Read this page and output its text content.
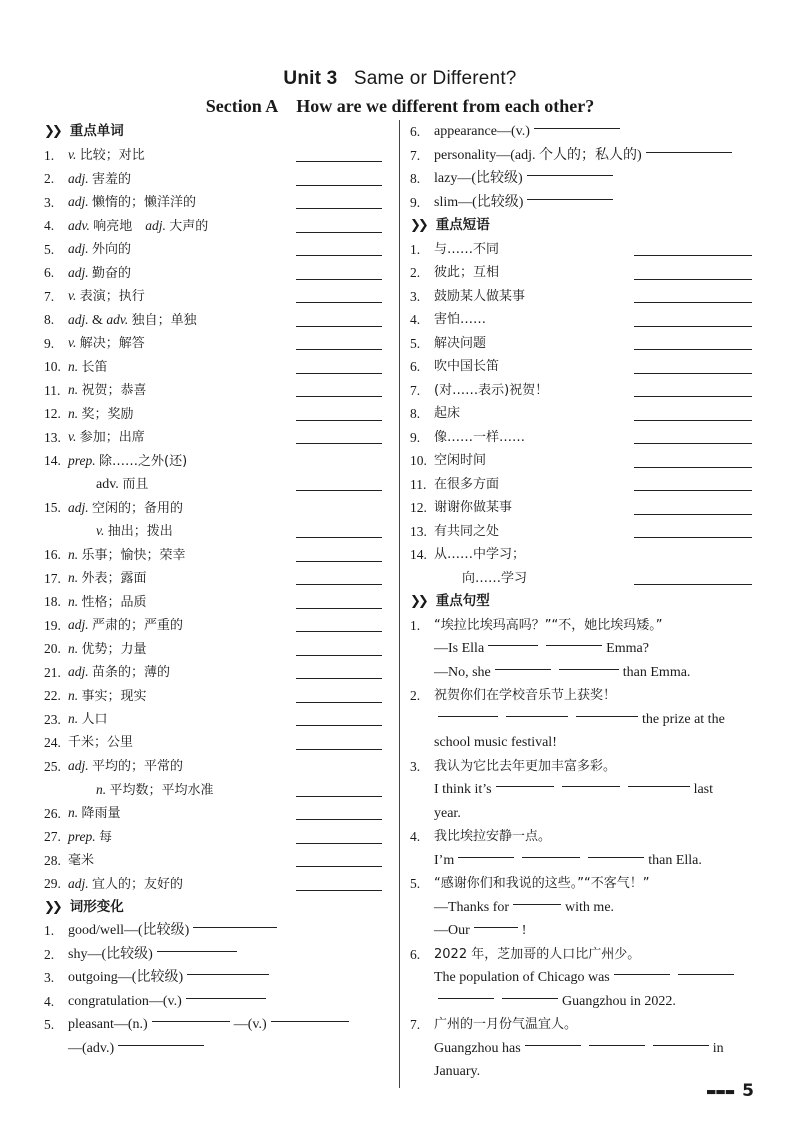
Unit 3 Same or Different?
Section A How are we different from each other?
❯❯ 重点单词
1.	v. 比较；对比
2.	adj. 害羞的
3.	adj. 懒惰的；懒洋洋的
4.	adv. 响亮地　adj. 大声的
5.	adj. 外向的
6.	adj. 勤奋的
7.	v. 表演；执行
8.	adj. & adv. 独自；单独
9.	v. 解决；解答
10. n. 长笛
11. n. 祝贺；恭喜
12. n. 奖；奖励
13. v. 参加；出席
14. prep. 除……之外(还)
adv. 而且
15. adj. 空闲的；备用的
v. 抽出；拨出
16. n. 乐事；愉快；荣幸
17. n. 外表；露面
18. n. 性格；品质
19. adj. 严肃的；严重的
20. n. 优势；力量
21. adj. 苗条的；薄的
22. n. 事实；现实
23. n. 人口
24. 千米；公里
25. adj. 平均的；平常的
n. 平均数；平均水准
26. n. 降雨量
27. prep. 每
28. 毫米
29. adj. 宜人的；友好的
❯❯ 词形变化
1. good/well—(比较级)
2. shy—(比较级)
3. outgoing—(比较级)
4. congratulation—(v.)
5. pleasant—(n.)	—(v.)
—(adv.)
6. appearance—(v.)
7. personality—(adj. 个人的；私人的)
8. lazy—(比较级)
9. slim—(比较级)
❯❯ 重点短语
1.	与……不同
2.	彼此；互相
3.	鼓励某人做某事
4.	害怕……
5.	解决问题
6.	吹中国长笛
7.	(对……表示)祝贺！
8.	起床
9.	像……一样……
10. 空闲时间
11. 在很多方面
12. 谢谢你做某事
13. 有共同之处
14. 从……中学习；
向……学习
❯❯ 重点句型
1.	“埃拉比埃玛高吗？”“不，她比埃玛矮。”
—Is Ella	Emma?
—No, she	than Emma.
2.	祝贺你们在学校音乐节上获奖！
the prize at the
school music festival!
3.	我认为它比去年更加丰富多彩。
I think it’s	last
year.
4.	我比埃拉安静一点。
I’m	than Ella.
5.	“感谢你们和我说的这些。”“不客气！”
—Thanks for	with me.
—Our	!
6.	2022 年，芝加哥的人口比广州少。
The population of Chicago was
Guangzhou in 2022.
7.	广州的一月份气温宜人。
Guangzhou has	in
January.
▬▬▬ 5
